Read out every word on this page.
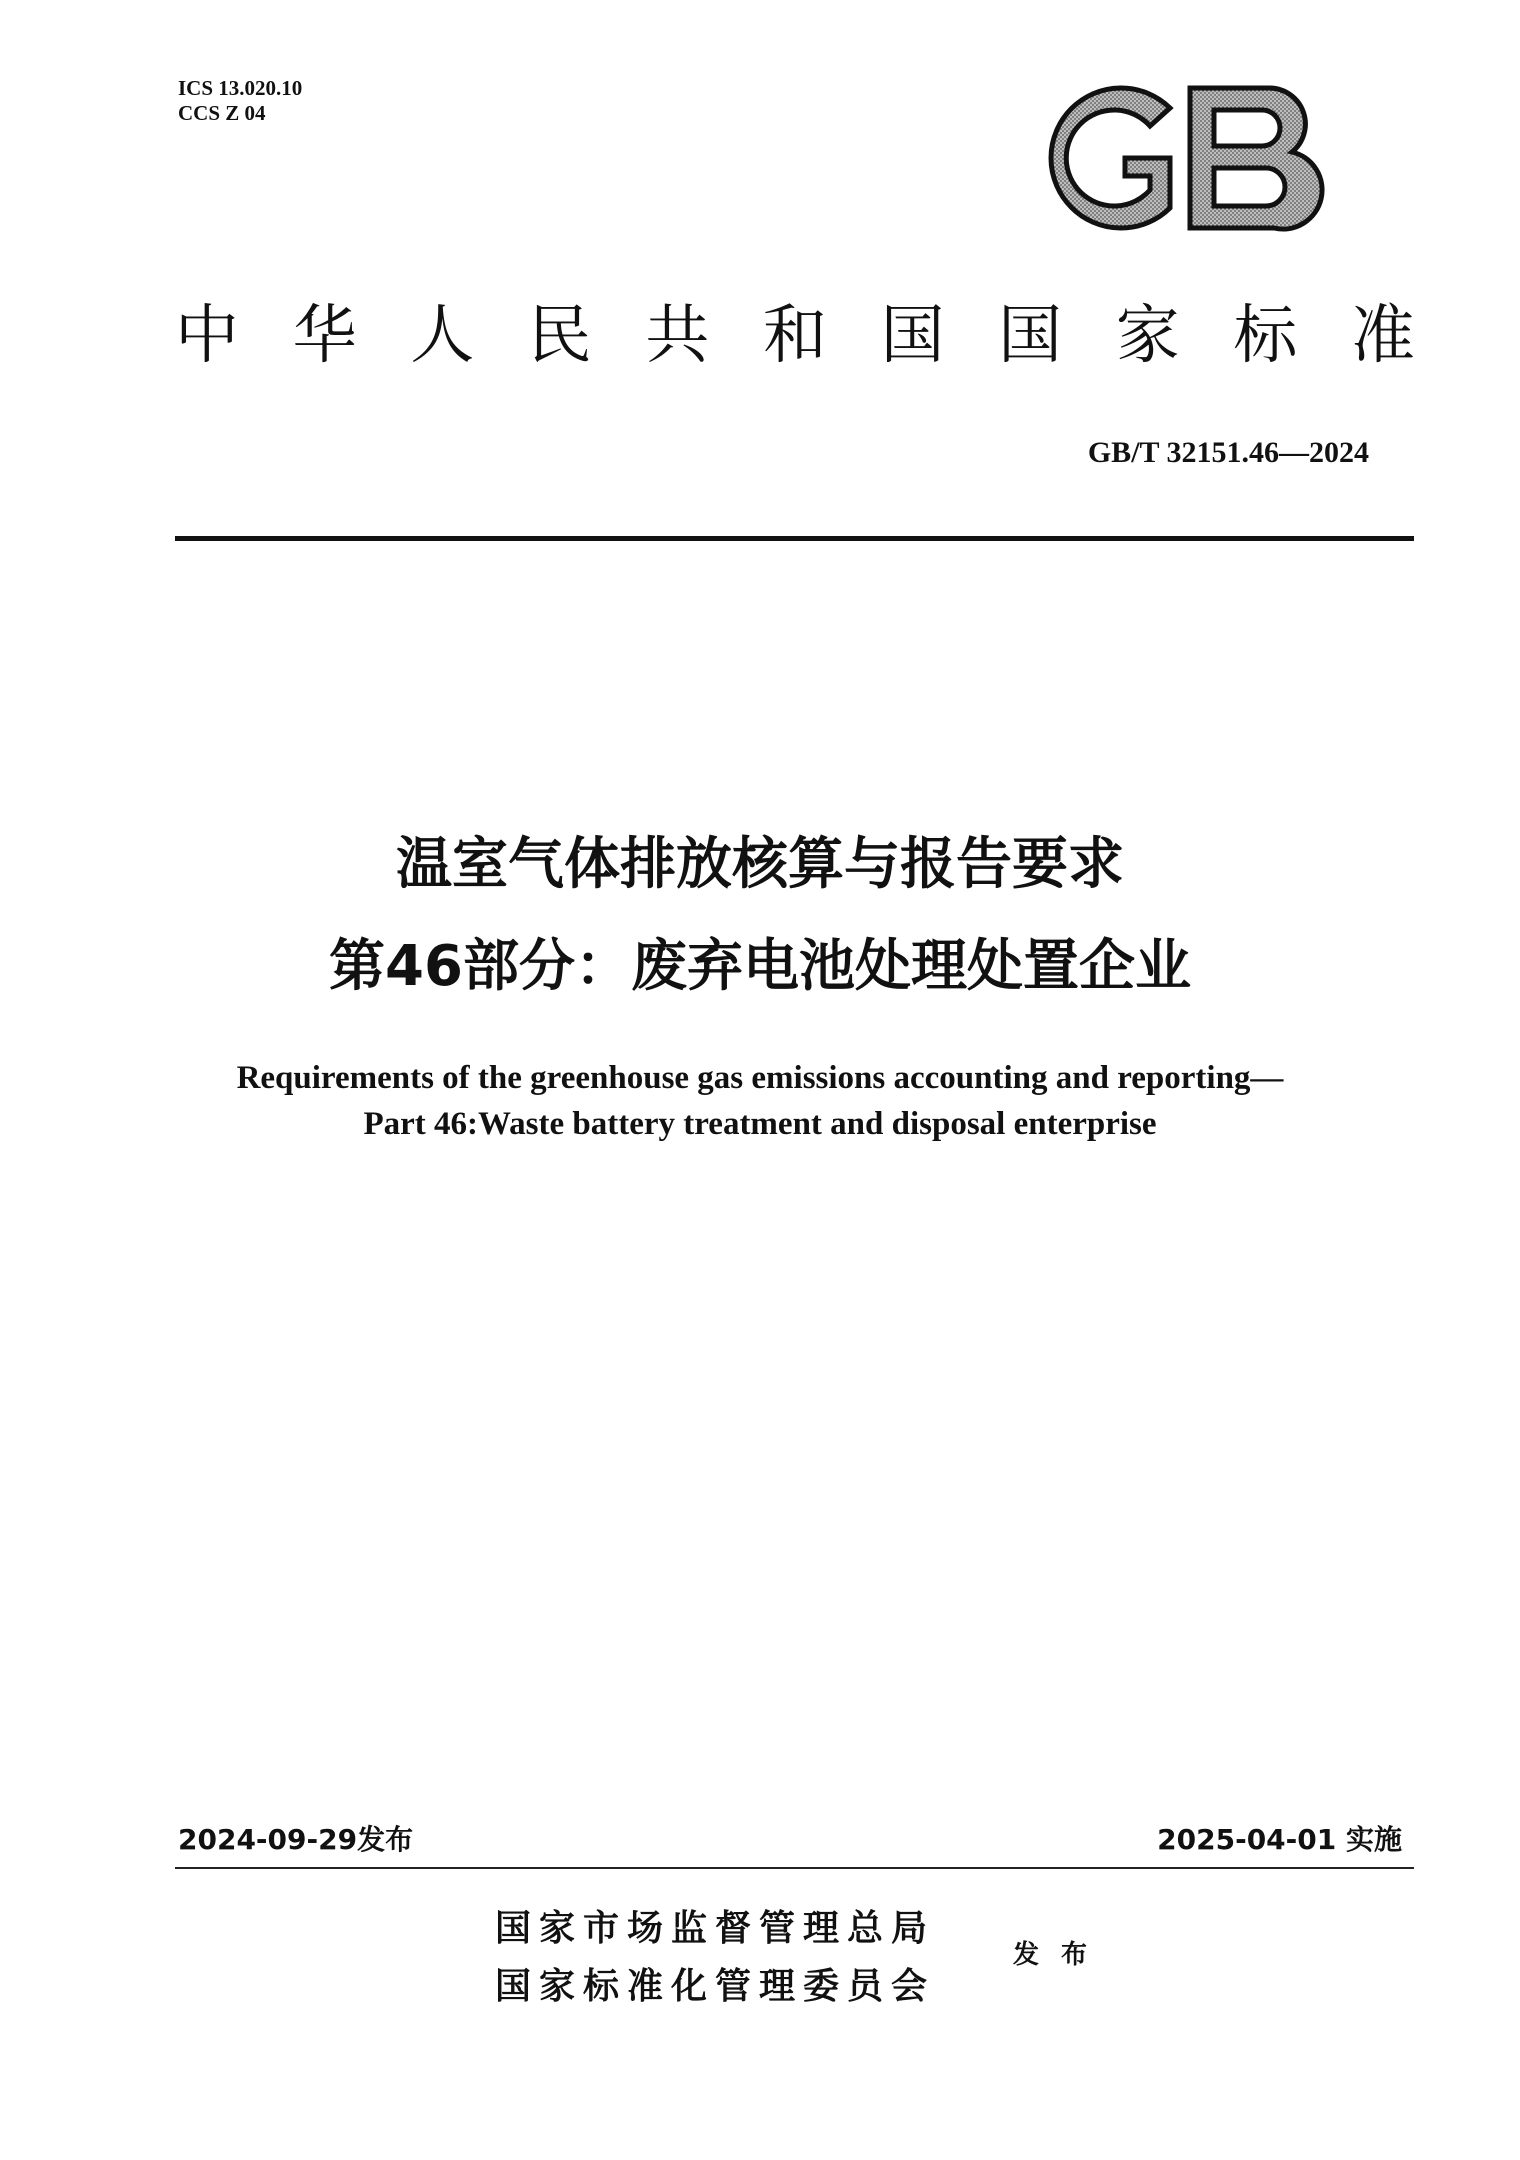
ICS 13.020.10
CCS Z 04
中 华 人 民 共 和 国 国 家 标 准
GB/T 32151.46—2024
温室气体排放核算与报告要求
第46部分：废弃电池处理处置企业
Requirements of the greenhouse gas emissions accounting and reporting—
Part 46:Waste battery treatment and disposal enterprise
2024-09-29发布	2025-04-01 实施
国家市场监督管理总局
国家标准化管理委员会
发布
